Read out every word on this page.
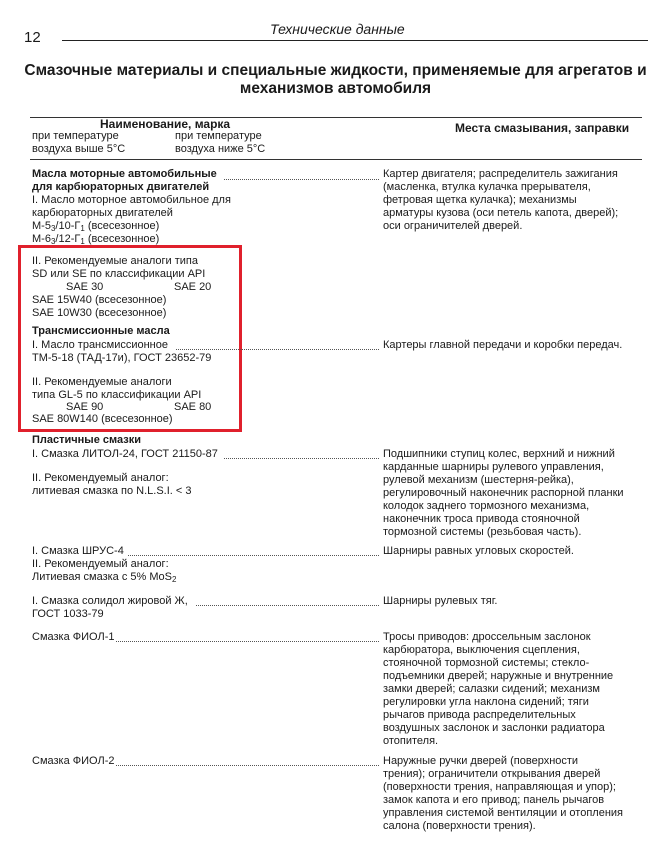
12	Технические данные
Смазочные материалы и специальные жидкости, применяемые для агрегатов и
механизмов автомобиля
Наименование, марка	Места смазывания, заправки
при температуре
воздуха выше 5°С
при температуре
воздуха ниже 5°С
Масла моторные автомобильные
для карбюраторных двигателей
I. Масло моторное автомобильное для
карбюраторных двигателей
$М-5_3/10-Г_1$ (всесезонное)
$М-6_3/12-Г_1$ (всесезонное)
Картер двигателя; распределитель зажигания
(масленка, втулка кулачка прерывателя,
фетровая щетка кулачка); механизмы
арматуры кузова (оси петель капота, дверей);
оси ограничителей дверей.
II. Рекомендуемые аналоги типа
SD или SE по классификации API
SAE 30	SAE 20
SAE 15W40 (всесезонное)
SAE 10W30 (всесезонное)
Трансмиссионные масла
I. Масло трансмиссионное
ТМ-5-18 (ТАД-17и), ГОСТ 23652-79
Картеры главной передачи и коробки передач.
II. Рекомендуемые аналоги
типа GL-5 по классификации API
SAE 90	SAE 80
SAE 80W140 (всесезонное)
Пластичные смазки
I. Смазка ЛИТОЛ-24, ГОСТ 21150-87
II. Рекомендуемый аналог:
литиевая смазка по N.L.S.I. < 3
Подшипники ступиц колес, верхний и нижний
карданные шарниры рулевого управления,
рулевой механизм (шестерня-рейка),
регулировочный наконечник распорной планки
колодок заднего тормозного механизма,
наконечник троса привода стояночной
тормозной системы (резьбовая часть).
I. Смазка ШРУС-4	Шарниры равных угловых скоростей.
II. Рекомендуемый аналог:
Литиевая смазка с 5% MoS$_2$
I. Смазка солидол жировой Ж,
ГОСТ 1033-79
Шарниры рулевых тяг.
Смазка ФИОЛ-1	Тросы приводов: дроссельным заслонок
карбюратора, выключения сцепления,
стояночной тормозной системы; стекло-
подъемники дверей; наружные и внутренние
замки дверей; салазки сидений; механизм
регулировки угла наклона сидений; тяги
рычагов привода распределительных
воздушных заслонок и заслонки радиатора
отопителя.
Смазка ФИОЛ-2	Наружные ручки дверей (поверхности
трения); ограничители открывания дверей
(поверхности трения, направляющая и упор);
замок капота и его привод; панель рычагов
управления системой вентиляции и отопления
салона (поверхности трения).
